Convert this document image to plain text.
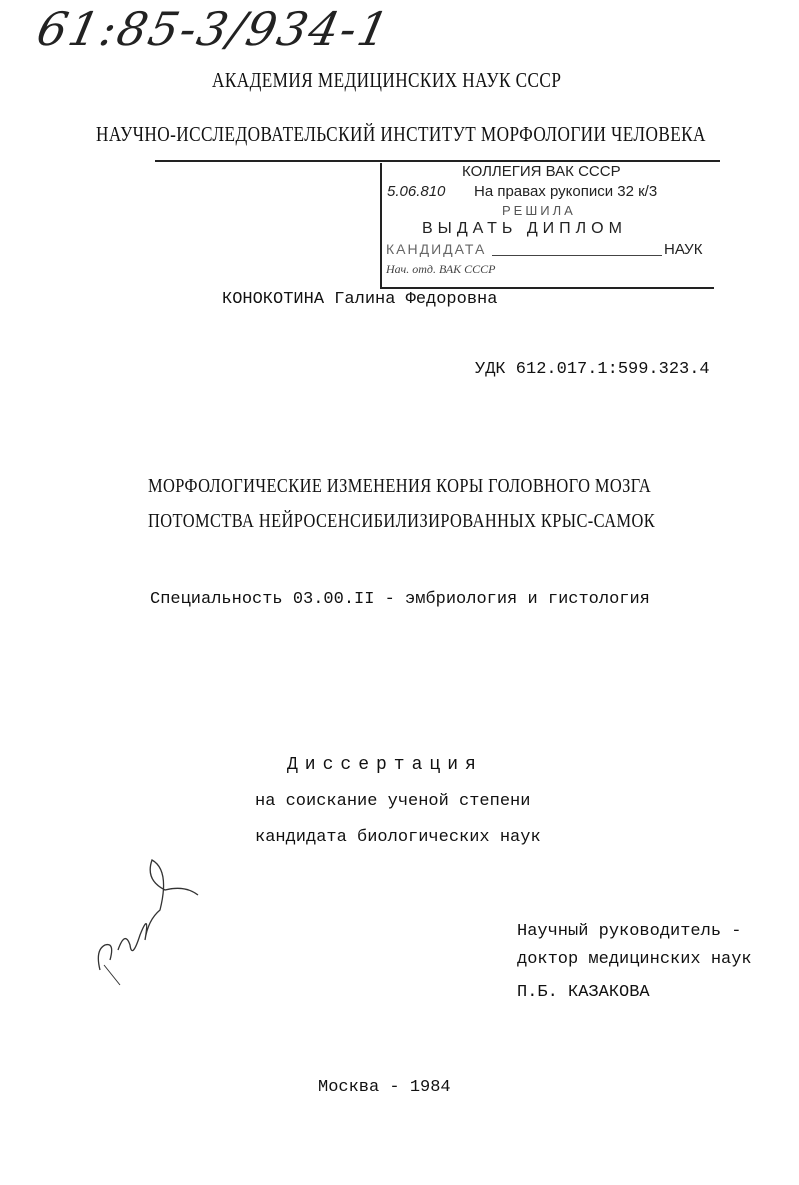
61:85-3/934-1
АКАДЕМИЯ МЕДИЦИНСКИХ НАУК СССР
НАУЧНО-ИССЛЕДОВАТЕЛЬСКИЙ ИНСТИТУТ МОРФОЛОГИИ ЧЕЛОВЕКА
КОЛЛЕГИЯ ВАК СССР
5.06.810 На правах рукописи 32 к/3
РЕШИЛА
ВЫДАТЬ ДИПЛОМ
КАНДИДАТА	НАУК
Нач. отд. ВАК СССР
КОНОКОТИНА Галина Федоровна
УДК 612.017.1:599.323.4
МОРФОЛОГИЧЕСКИЕ ИЗМЕНЕНИЯ КОРЫ ГОЛОВНОГО МОЗГА
ПОТОМСТВА НЕЙРОСЕНСИБИЛИЗИРОВАННЫХ КРЫС-САМОК
Специальность 03.00.II - эмбриология и гистология
Диссертация
на соискание ученой степени
кандидата биологических наук
Научный руководитель -
доктор медицинских наук
П.Б. КАЗАКОВА
Москва - 1984
